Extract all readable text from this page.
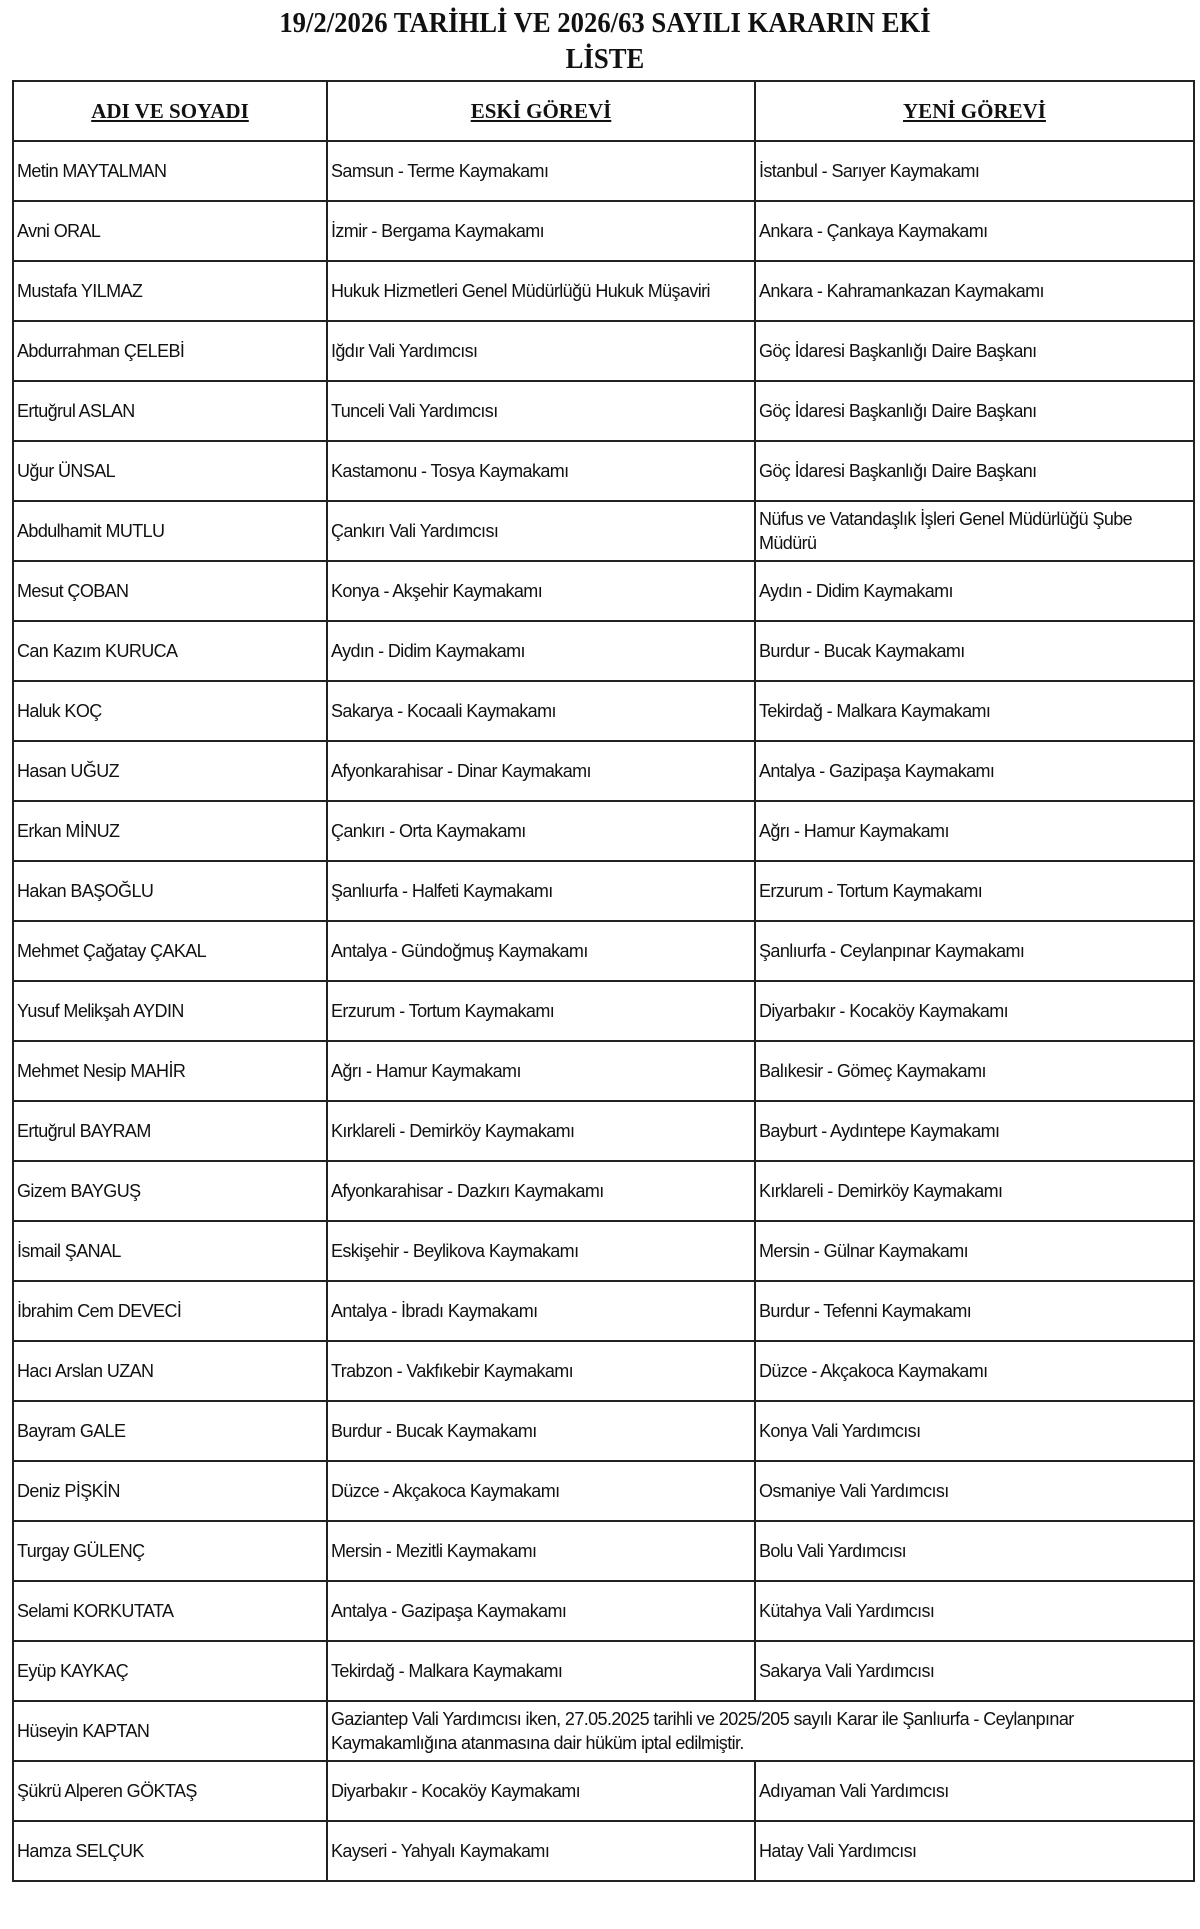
19/2/2026 TARİHLİ VE 2026/63 SAYILI KARARIN EKİ
LİSTE
ADI VE SOYADI	ESKİ GÖREVİ	YENİ GÖREVİ
Metin MAYTALMAN	Samsun - Terme Kaymakamı	İstanbul - Sarıyer Kaymakamı
Avni ORAL	İzmir - Bergama Kaymakamı	Ankara - Çankaya Kaymakamı
Mustafa YILMAZ	Hukuk Hizmetleri Genel Müdürlüğü Hukuk Müşaviri	Ankara - Kahramankazan Kaymakamı
Abdurrahman ÇELEBİ	Iğdır Vali Yardımcısı	Göç İdaresi Başkanlığı Daire Başkanı
Ertuğrul ASLAN	Tunceli Vali Yardımcısı	Göç İdaresi Başkanlığı Daire Başkanı
Uğur ÜNSAL	Kastamonu - Tosya Kaymakamı	Göç İdaresi Başkanlığı Daire Başkanı
Abdulhamit MUTLU	Çankırı Vali Yardımcısı	Nüfus ve Vatandaşlık İşleri Genel Müdürlüğü Şube Müdürü
Mesut ÇOBAN	Konya - Akşehir Kaymakamı	Aydın - Didim Kaymakamı
Can Kazım KURUCA	Aydın - Didim Kaymakamı	Burdur - Bucak Kaymakamı
Haluk KOÇ	Sakarya - Kocaali Kaymakamı	Tekirdağ - Malkara Kaymakamı
Hasan UĞUZ	Afyonkarahisar - Dinar Kaymakamı	Antalya - Gazipaşa Kaymakamı
Erkan MİNUZ	Çankırı - Orta Kaymakamı	Ağrı - Hamur Kaymakamı
Hakan BAŞOĞLU	Şanlıurfa - Halfeti Kaymakamı	Erzurum - Tortum Kaymakamı
Mehmet Çağatay ÇAKAL	Antalya - Gündoğmuş Kaymakamı	Şanlıurfa - Ceylanpınar Kaymakamı
Yusuf Melikşah AYDIN	Erzurum - Tortum Kaymakamı	Diyarbakır - Kocaköy Kaymakamı
Mehmet Nesip MAHİR	Ağrı - Hamur Kaymakamı	Balıkesir - Gömeç Kaymakamı
Ertuğrul BAYRAM	Kırklareli - Demirköy Kaymakamı	Bayburt - Aydıntepe Kaymakamı
Gizem BAYGUŞ	Afyonkarahisar - Dazkırı Kaymakamı	Kırklareli - Demirköy Kaymakamı
İsmail ŞANAL	Eskişehir - Beylikova Kaymakamı	Mersin - Gülnar Kaymakamı
İbrahim Cem DEVECİ	Antalya - İbradı Kaymakamı	Burdur - Tefenni Kaymakamı
Hacı Arslan UZAN	Trabzon - Vakfıkebir Kaymakamı	Düzce - Akçakoca Kaymakamı
Bayram GALE	Burdur - Bucak Kaymakamı	Konya Vali Yardımcısı
Deniz PİŞKİN	Düzce - Akçakoca Kaymakamı	Osmaniye Vali Yardımcısı
Turgay GÜLENÇ	Mersin - Mezitli Kaymakamı	Bolu Vali Yardımcısı
Selami KORKUTATA	Antalya - Gazipaşa Kaymakamı	Kütahya Vali Yardımcısı
Eyüp KAYKAÇ	Tekirdağ - Malkara Kaymakamı	Sakarya Vali Yardımcısı
Hüseyin KAPTAN	Gaziantep Vali Yardımcısı iken, 27.05.2025 tarihli ve 2025/205 sayılı Karar ile Şanlıurfa - Ceylanpınar Kaymakamlığına atanmasına dair hüküm iptal edilmiştir.	
Şükrü Alperen GÖKTAŞ	Diyarbakır - Kocaköy Kaymakamı	Adıyaman Vali Yardımcısı
Hamza SELÇUK	Kayseri - Yahyalı Kaymakamı	Hatay Vali Yardımcısı
